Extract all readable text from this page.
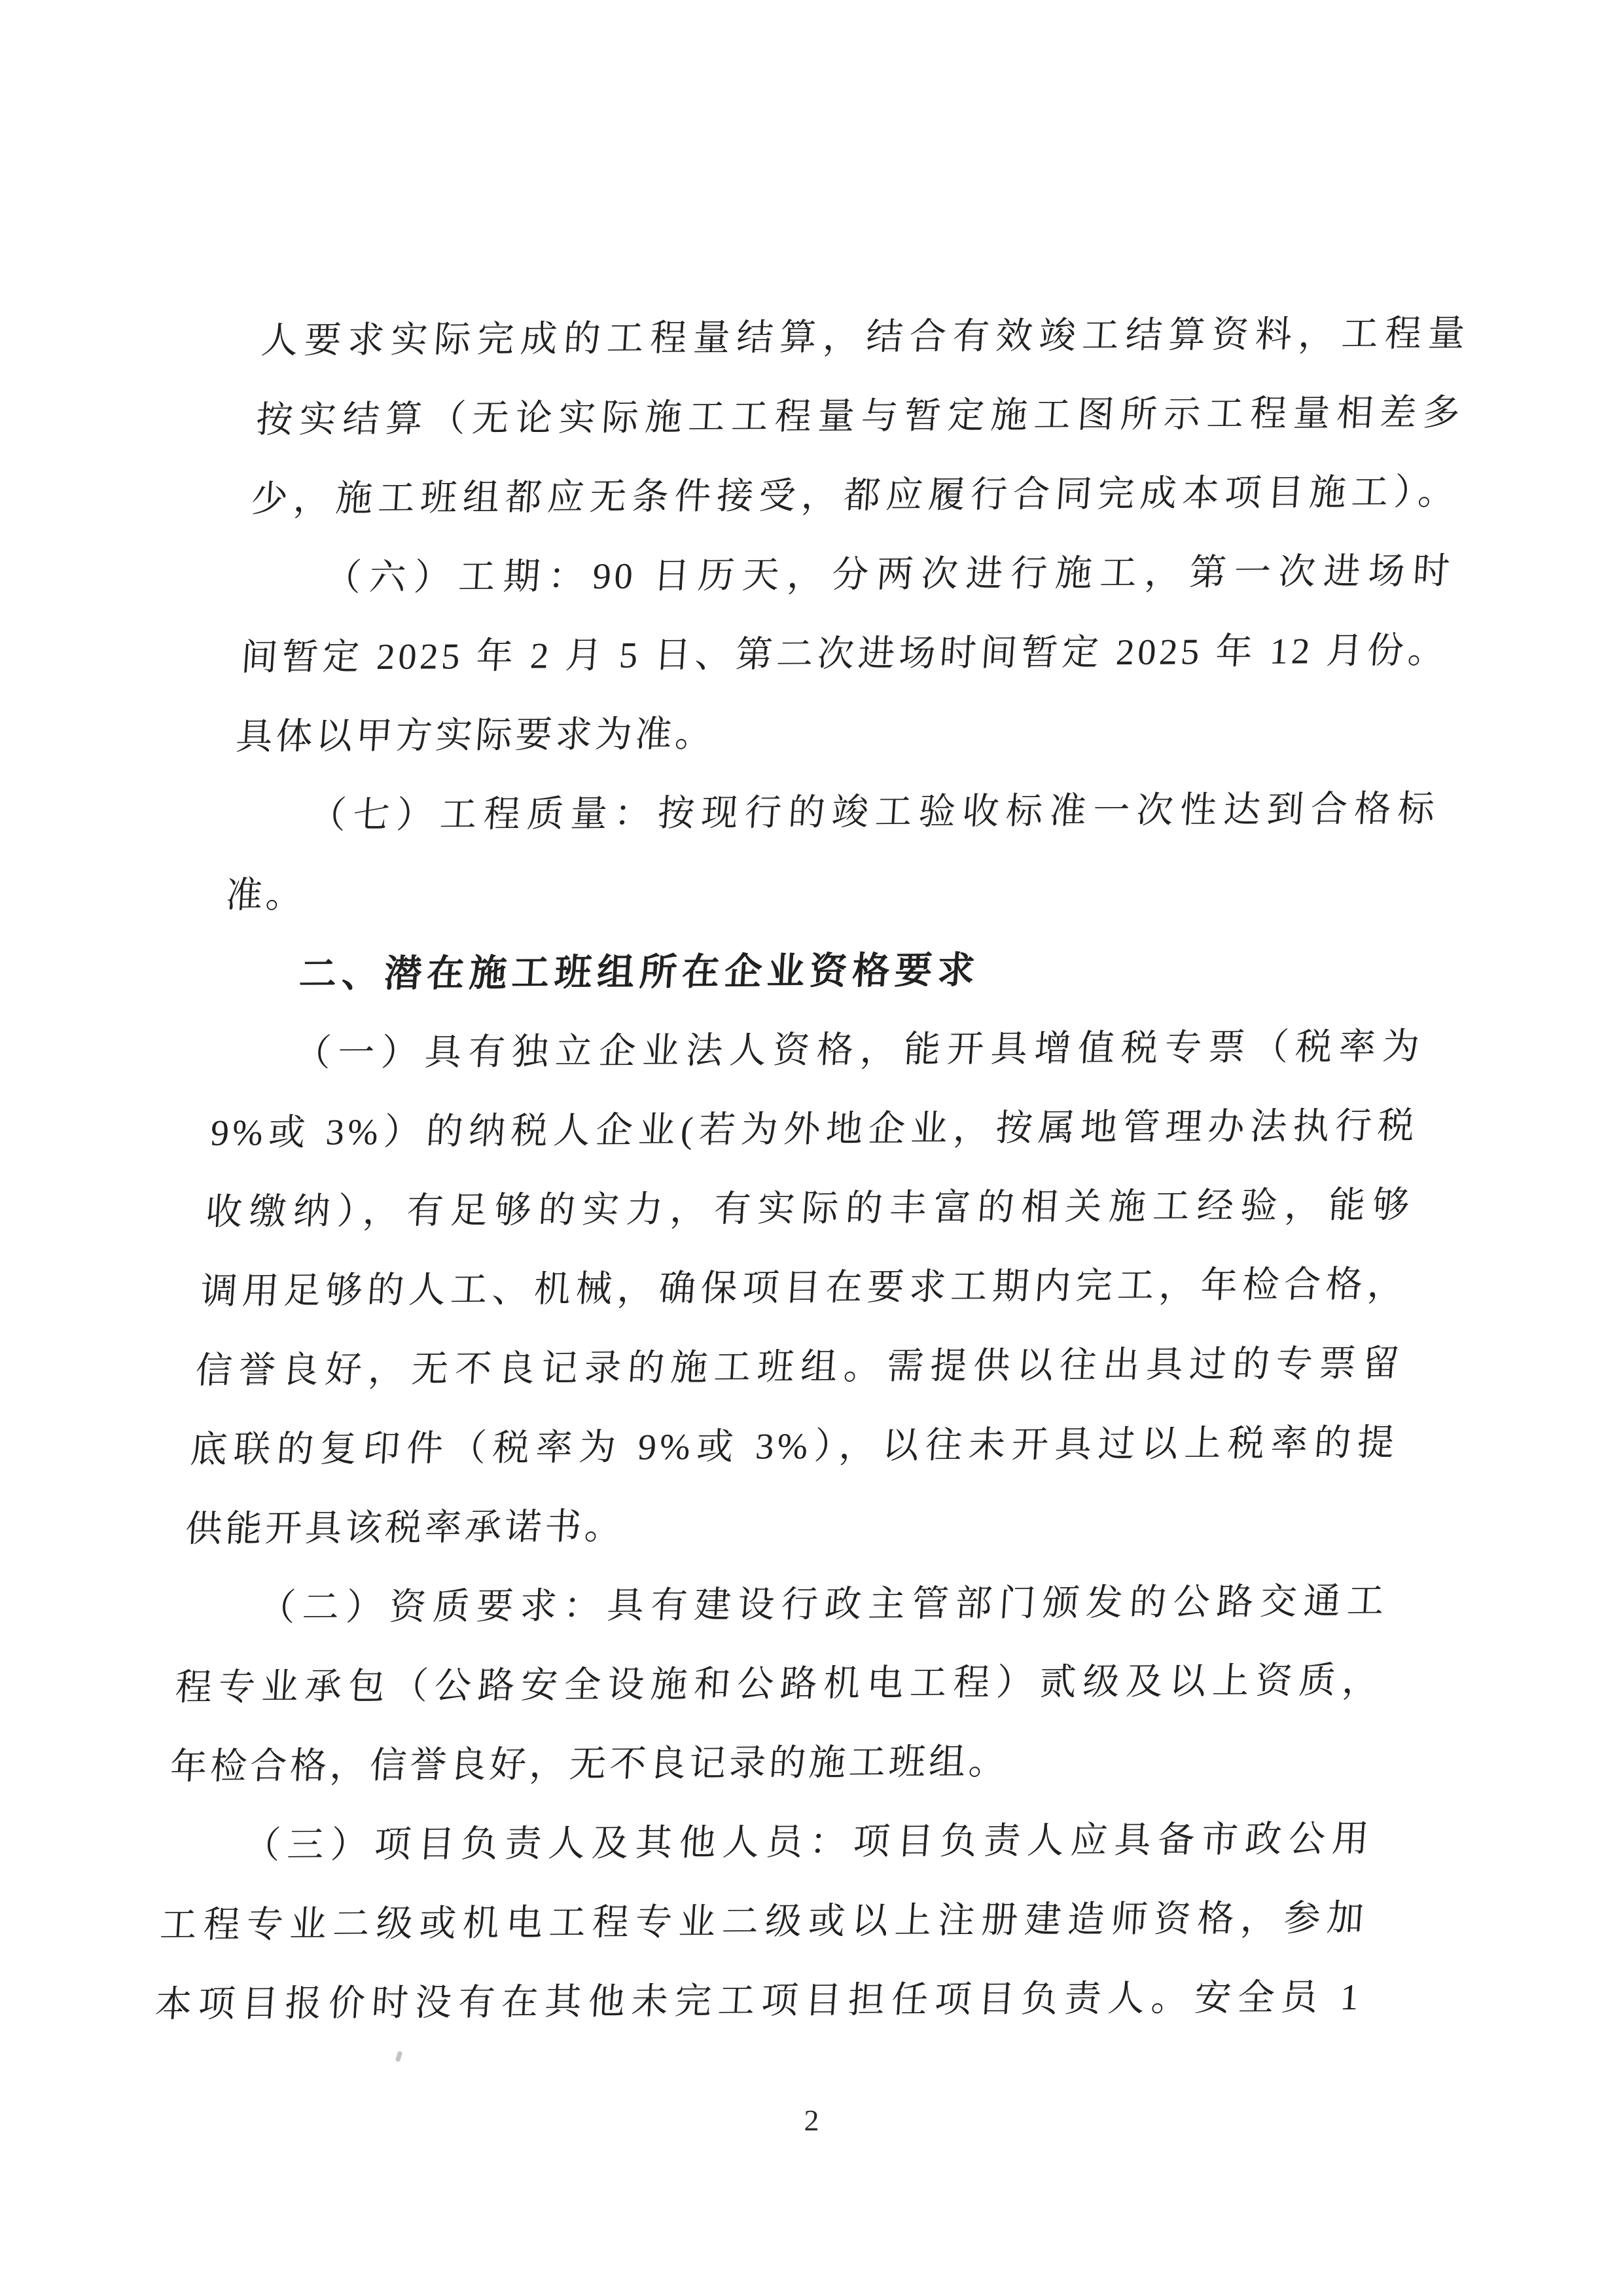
人要求实际完成的工程量结算，结合有效竣工结算资料，工程量
按实结算（无论实际施工工程量与暂定施工图所示工程量相差多
少，施工班组都应无条件接受，都应履行合同完成本项目施工）。
（六）工期：90 日历天，分两次进行施工，第一次进场时
间暂定 2025 年 2 月 5 日、第二次进场时间暂定 2025 年 12 月份。
具体以甲方实际要求为准。
（七）工程质量：按现行的竣工验收标准一次性达到合格标
准。
二、潜在施工班组所在企业资格要求
（一）具有独立企业法人资格，能开具增值税专票（税率为
9%或 3%）的纳税人企业(若为外地企业，按属地管理办法执行税
收缴纳），有足够的实力，有实际的丰富的相关施工经验，能够
调用足够的人工、机械，确保项目在要求工期内完工，年检合格，
信誉良好，无不良记录的施工班组。需提供以往出具过的专票留
底联的复印件（税率为 9%或 3%），以往未开具过以上税率的提
供能开具该税率承诺书。
（二）资质要求：具有建设行政主管部门颁发的公路交通工
程专业承包（公路安全设施和公路机电工程）贰级及以上资质，
年检合格，信誉良好，无不良记录的施工班组。
（三）项目负责人及其他人员：项目负责人应具备市政公用
工程专业二级或机电工程专业二级或以上注册建造师资格，参加
本项目报价时没有在其他未完工项目担任项目负责人。安全员 1
2
